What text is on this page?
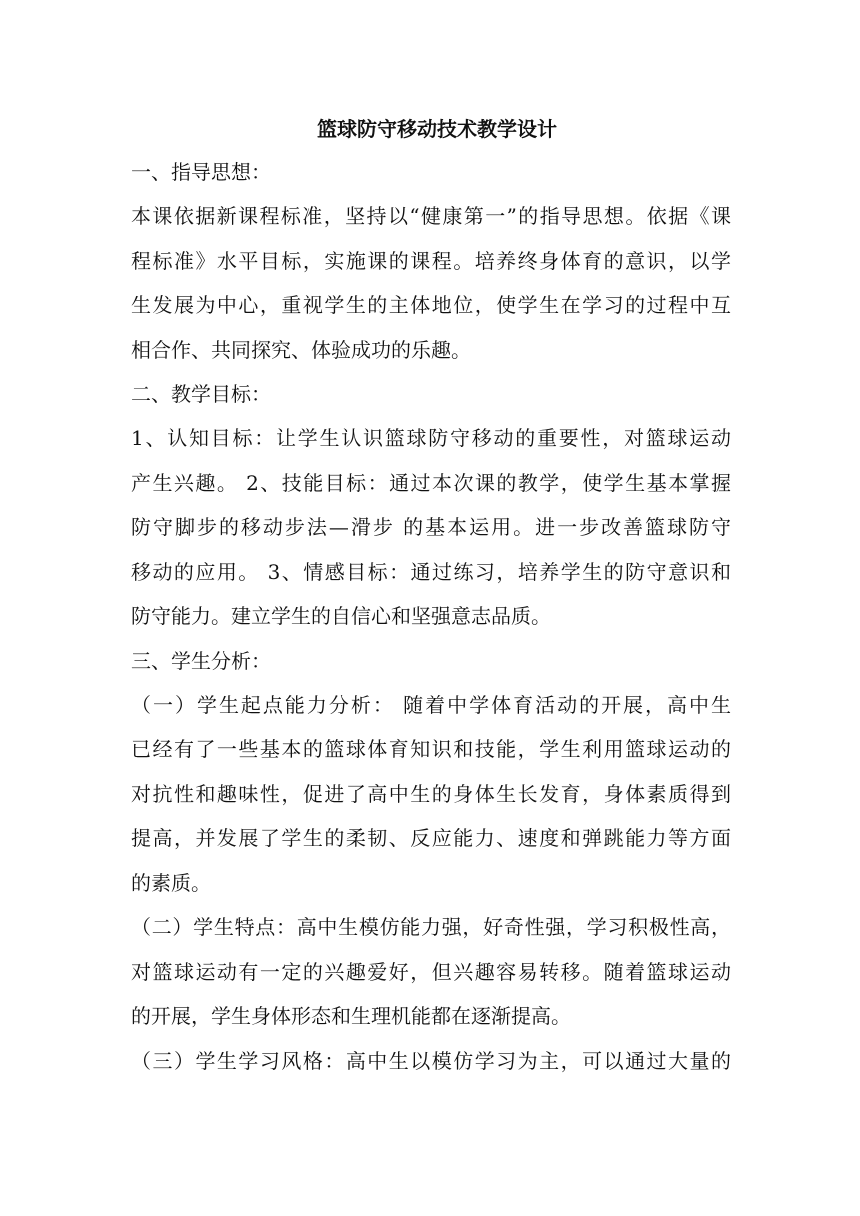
篮球防守移动技术教学设计
一、指导思想：
本课依据新课程标准，坚持以“健康第一”的指导思想。依据《课
程标准》水平目标，实施课的课程。培养终身体育的意识，以学
生发展为中心，重视学生的主体地位，使学生在学习的过程中互
相合作、共同探究、体验成功的乐趣。
二、教学目标：
1、认知目标：让学生认识篮球防守移动的重要性，对篮球运动
产生兴趣。 2、技能目标：通过本次课的教学，使学生基本掌握
防守脚步的移动步法—滑步 的基本运用。进一步改善篮球防守
移动的应用。 3、情感目标：通过练习，培养学生的防守意识和
防守能力。建立学生的自信心和坚强意志品质。
三、学生分析：
（一）学生起点能力分析： 随着中学体育活动的开展，高中生
已经有了一些基本的篮球体育知识和技能，学生利用篮球运动的
对抗性和趣味性，促进了高中生的身体生长发育，身体素质得到
提高，并发展了学生的柔韧、反应能力、速度和弹跳能力等方面
的素质。
（二）学生特点：高中生模仿能力强，好奇性强，学习积极性高，
对篮球运动有一定的兴趣爱好，但兴趣容易转移。随着篮球运动
的开展，学生身体形态和生理机能都在逐渐提高。
（三）学生学习风格：高中生以模仿学习为主，可以通过大量的
